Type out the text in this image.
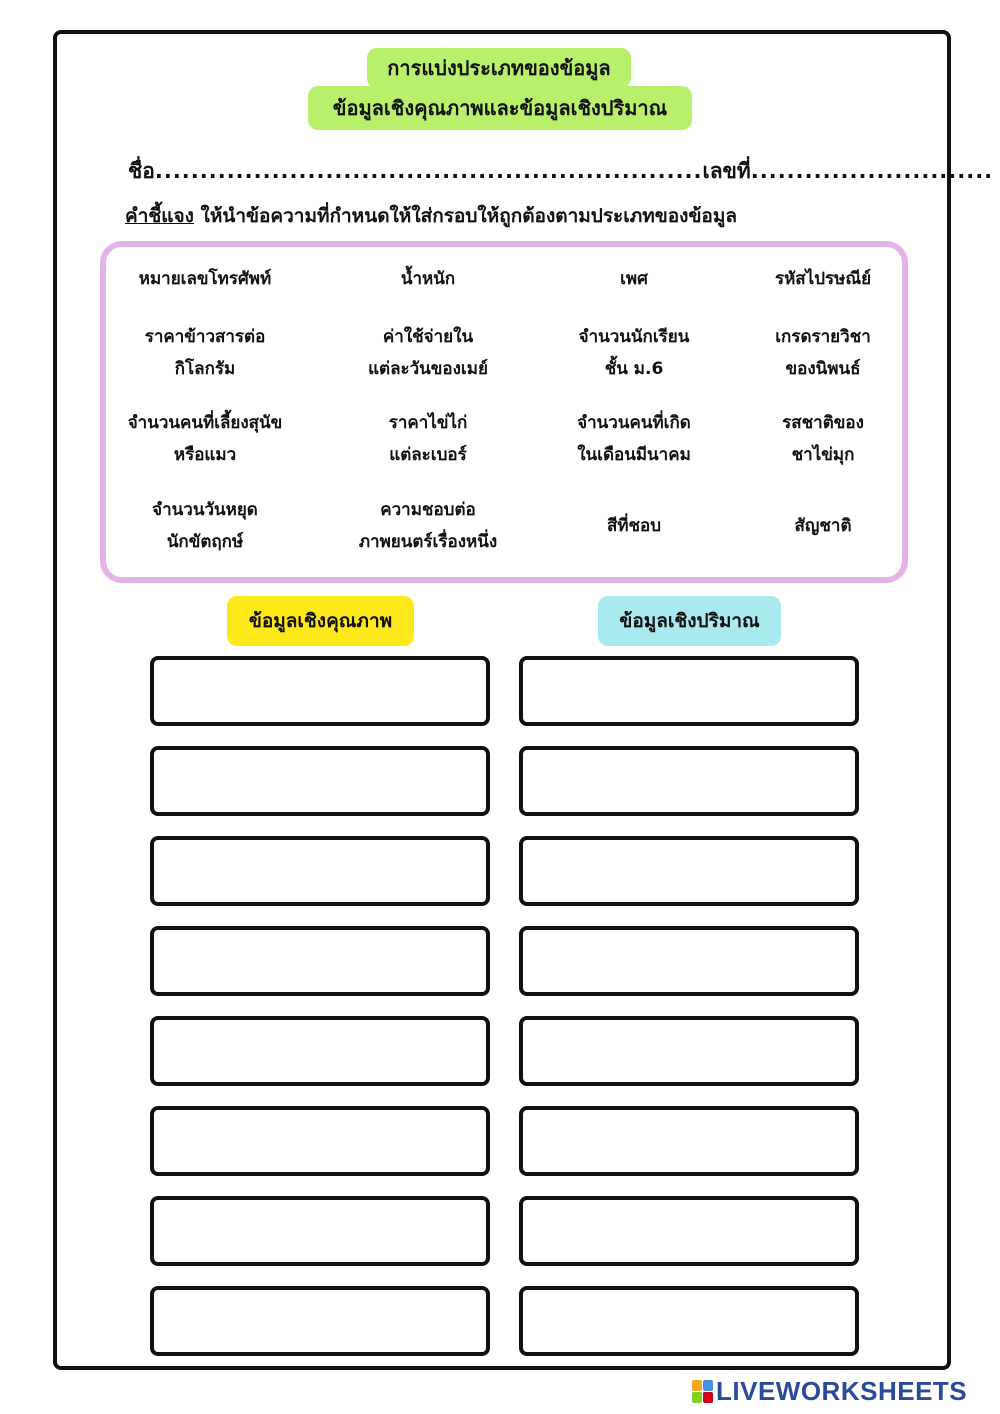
การแบ่งประเภทของข้อมูล
ข้อมูลเชิงคุณภาพและข้อมูลเชิงปริมาณ
ชื่อ.............................................................เลขที่...........................
คำชี้แจง ให้นำข้อความที่กำหนดให้ใส่กรอบให้ถูกต้องตามประเภทของข้อมูล
หมายเลขโทรศัพท์	น้ำหนัก	เพศ	รหัสไปรษณีย์
ราคาข้าวสารต่อ
กิโลกรัม
ค่าใช้จ่ายใน
แต่ละวันของเมย์
จำนวนนักเรียน
ชั้น ม.6
เกรดรายวิชา
ของนิพนธ์
จำนวนคนที่เลี้ยงสุนัข
หรือแมว
ราคาไข่ไก่
แต่ละเบอร์
จำนวนคนที่เกิด
ในเดือนมีนาคม
รสชาติของ
ชาไข่มุก
จำนวนวันหยุด
นักขัตฤกษ์
ความชอบต่อ
ภาพยนตร์เรื่องหนึ่ง
สีที่ชอบ	สัญชาติ
ข้อมูลเชิงคุณภาพ	ข้อมูลเชิงปริมาณ
LIVEWORKSHEETS
